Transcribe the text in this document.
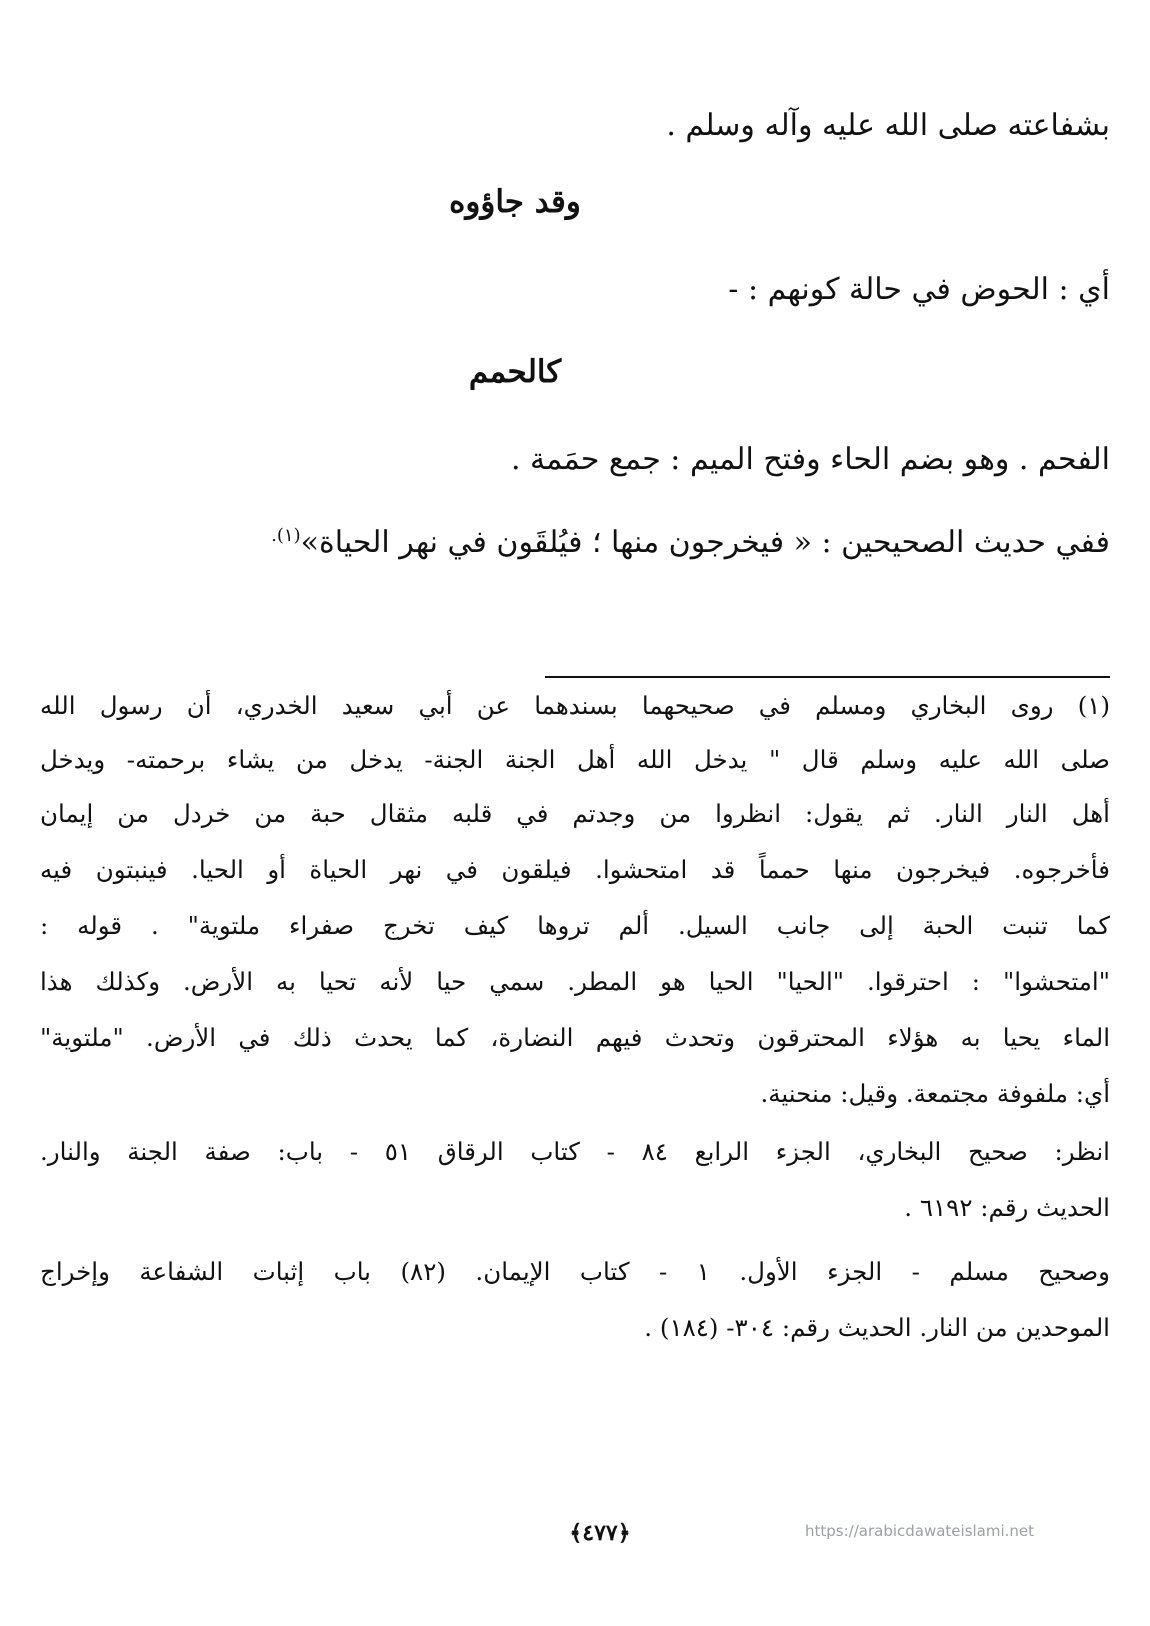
بشفاعته صلى الله عليه وآله وسلم .
وقد جاؤوه
أي : الحوض في حالة كونهم : -
كالحمم
الفحم . وهو بضم الحاء وفتح الميم : جمع حمَمة .
ففي حديث الصحيحين : « فيخرجون منها ؛ فيُلقَون في نهر الحياة»$^{(١).}$
(١) روى البخاري ومسلم في صحيحهما بسندهما عن أبي سعيد الخدري، أن رسول الله
صلى الله عليه وسلم قال " يدخل الله أهل الجنة الجنة- يدخل من يشاء برحمته- ويدخل
أهل النار النار. ثم يقول: انظروا من وجدتم في قلبه مثقال حبة من خردل من إيمان
فأخرجوه. فيخرجون منها حمماً قد امتحشوا. فيلقون في نهر الحياة أو الحيا. فينبتون فيه
كما تنبت الحبة إلى جانب السيل. ألم تروها كيف تخرج صفراء ملتوية" . قوله :
"امتحشوا" : احترقوا. "الحيا" الحيا هو المطر. سمي حيا لأنه تحيا به الأرض. وكذلك هذا
الماء يحيا به هؤلاء المحترقون وتحدث فيهم النضارة، كما يحدث ذلك في الأرض. "ملتوية"
أي: ملفوفة مجتمعة. وقيل: منحنية.
انظر: صحيح البخاري، الجزء الرابع ٨٤ - كتاب الرقاق ٥١ - باب: صفة الجنة والنار.
الحديث رقم: ٦١٩٢ .
وصحيح مسلم - الجزء الأول. ١ - كتاب الإيمان. (٨٢) باب إثبات الشفاعة وإخراج
الموحدين من النار. الحديث رقم: ٣٠٤- (١٨٤) .
﴿٤٧٧﴾	https://arabicdawateislami.net
